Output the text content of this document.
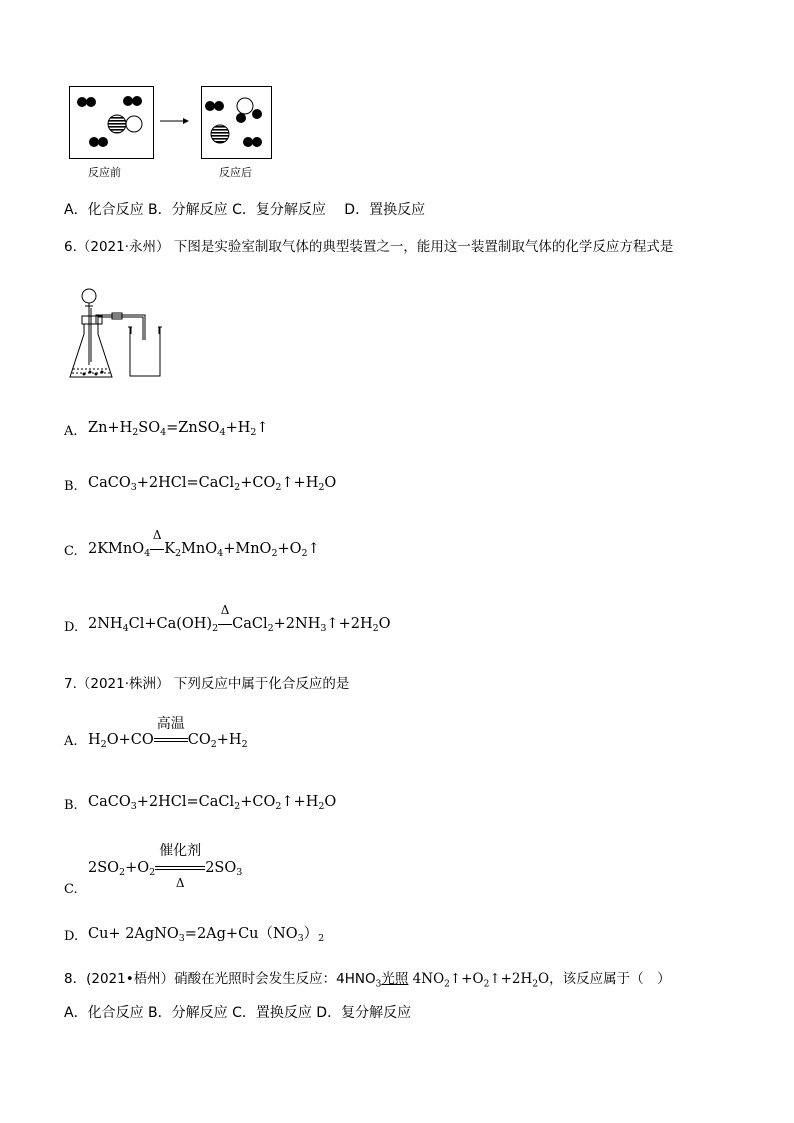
反应前	反应后
A．化合反应 B．分解反应 C．复分解反应　 D．置换反应
6.（2021·永州） 下图是实验室制取气体的典型装置之一，能用这一装置制取气体的化学反应方程式是
A. $Zn+H_2SO_4=ZnSO_4+H_2↑$
B. $CaCO_3+2HCl=CaCl_2+CO_2↑+H_2O$
C. 2KMnO$_4$
Δ
$K_2MnO_4+MnO_2+O_2↑$
D. $2NH_4Cl+Ca(OH)_2$
Δ
$CaCl_2+2NH_3↑+2H_2O$
7.（2021·株洲） 下列反应中属于化合反应的是
A. $H_2O+CO$
高温
$CO_2+H_2$
B. $CaCO_3+2HCl=CaCl_2+CO_2↑+H_2O$
$2SO_2+O_2$
催化剂
Δ
$2SO_3$
C.
D. $Cu+ 2AgNO_3=2Ag+Cu(NO_3)_2$
8．(2021•梧州）硝酸在光照时会发生反应：$4HNO_3$光照 $4NO_2↑+O_2↑+2H_2O$，该反应属于（　）
A．化合反应 B．分解反应 C．置换反应 D．复分解反应
